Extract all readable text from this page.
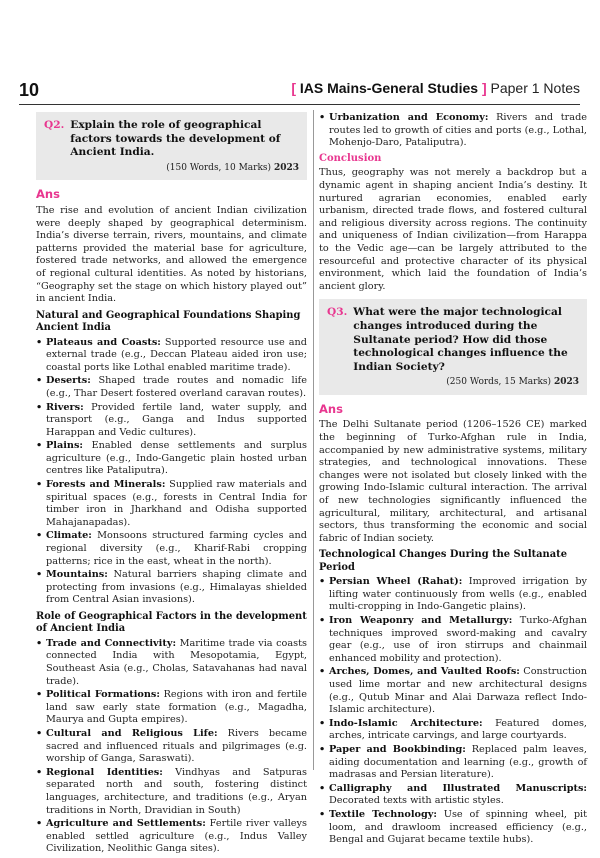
10	[ IAS Mains-General Studies ] Paper 1 Notes
Q2. Explain the role of geographical factors towards the development of Ancient India.
(150 Words, 10 Marks) 2023
Ans

The rise and evolution of ancient Indian civilization were deeply shaped by geographical determinism. India’s diverse terrain, rivers, mountains, and climate patterns provided the material base for agriculture, fostered trade networks, and allowed the emergence of regional cultural identities. As noted by historians, “Geography set the stage on which history played out” in ancient India.

Natural and Geographical Foundations Shaping Ancient India
• Plateaus and Coasts: Supported resource use and external trade (e.g., Deccan Plateau aided iron use; coastal ports like Lothal enabled maritime trade).
• Deserts: Shaped trade routes and nomadic life (e.g., Thar Desert fostered overland caravan routes).
• Rivers: Provided fertile land, water supply, and transport (e.g., Ganga and Indus supported Harappan and Vedic cultures).
• Plains: Enabled dense settlements and surplus agriculture (e.g., Indo-Gangetic plain hosted urban centres like Pataliputra).
• Forests and Minerals: Supplied raw materials and spiritual spaces (e.g., forests in Central India for timber iron in Jharkhand and Odisha supported Mahajanapadas).
• Climate: Monsoons structured farming cycles and regional diversity (e.g., Kharif-Rabi cropping patterns; rice in the east, wheat in the north).
• Mountains: Natural barriers shaping climate and protecting from invasions (e.g., Himalayas shielded from Central Asian invasions).
Role of Geographical Factors in the development of Ancient India
• Trade and Connectivity: Maritime trade via coasts connected India with Mesopotamia, Egypt, Southeast Asia (e.g., Cholas, Satavahanas had naval trade).
• Political Formations: Regions with iron and fertile land saw early state formation (e.g., Magadha, Maurya and Gupta empires).
• Cultural and Religious Life: Rivers became sacred and influenced rituals and pilgrimages (e.g. worship of Ganga, Saraswati).
• Regional Identities: Vindhyas and Satpuras separated north and south, fostering distinct languages, architecture, and traditions (e.g., Aryan traditions in North, Dravidian in South)
• Agriculture and Settlements: Fertile river valleys enabled settled agriculture (e.g., Indus Valley Civilization, Neolithic Ganga sites).
• Urbanization and Economy: Rivers and trade routes led to growth of cities and ports (e.g., Lothal, Mohenjo-Daro, Pataliputra).
Conclusion

Thus, geography was not merely a backdrop but a dynamic agent in shaping ancient India’s destiny. It nurtured agrarian economies, enabled early urbanism, directed trade flows, and fostered cultural and religious diversity across regions. The continuity and uniqueness of Indian civilization—from Harappa to the Vedic age—can be largely attributed to the resourceful and protective character of its physical environment, which laid the foundation of India’s ancient glory.

Q3. What were the major technological changes introduced during the Sultanate period? How did those technological changes influence the Indian Society?
(250 Words, 15 Marks) 2023
Ans

The Delhi Sultanate period (1206–1526 CE) marked the beginning of Turko-Afghan rule in India, accompanied by new administrative systems, military strategies, and technological innovations. These changes were not isolated but closely linked with the growing Indo-Islamic cultural interaction. The arrival of new technologies significantly influenced the agricultural, military, architectural, and artisanal sectors, thus transforming the economic and social fabric of Indian society.

Technological Changes During the Sultanate Period
• Persian Wheel (Rahat): Improved irrigation by lifting water continuously from wells (e.g., enabled multi-cropping in Indo-Gangetic plains).
• Iron Weaponry and Metallurgy: Turko-Afghan techniques improved sword-making and cavalry gear (e.g., use of iron stirrups and chainmail enhanced mobility and protection).
• Arches, Domes, and Vaulted Roofs: Construction used lime mortar and new architectural designs (e.g., Qutub Minar and Alai Darwaza reflect Indo-Islamic architecture).
• Indo-Islamic Architecture: Featured domes, arches, intricate carvings, and large courtyards.
• Paper and Bookbinding: Replaced palm leaves, aiding documentation and learning (e.g., growth of madrasas and Persian literature).
• Calligraphy and Illustrated Manuscripts: Decorated texts with artistic styles.
• Textile Technology: Use of spinning wheel, pit loom, and drawloom increased efficiency (e.g., Bengal and Gujarat became textile hubs).
